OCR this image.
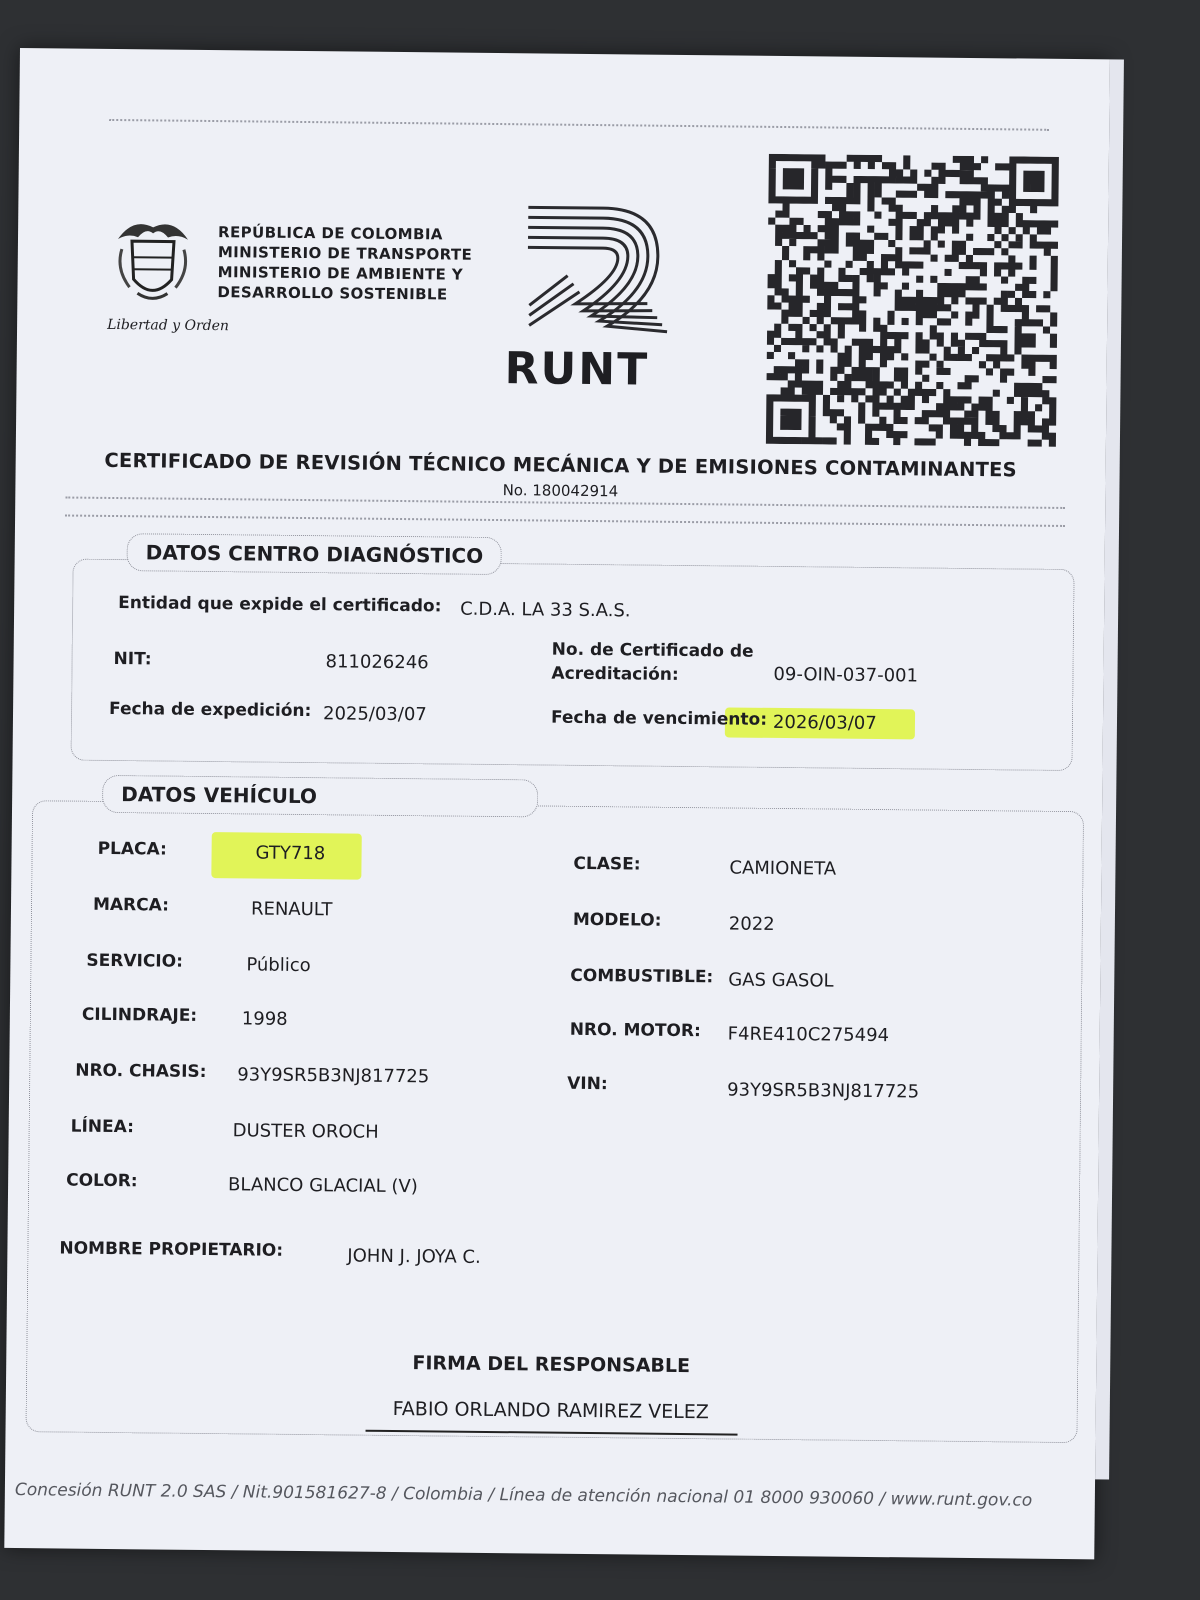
Libertad y Orden
REPÚBLICA DE COLOMBIA
MINISTERIO DE TRANSPORTE
MINISTERIO DE AMBIENTE Y
DESARROLLO SOSTENIBLE
RUNT
CERTIFICADO DE REVISIÓN TÉCNICO MECÁNICA Y DE EMISIONES CONTAMINANTES
No. 180042914
DATOS CENTRO DIAGNÓSTICO
Entidad que expide el certificado: C.D.A. LA 33 S.A.S.
NIT:	811026246
No. de Certificado de
Acreditación:	09-OIN-037-001
Fecha de expedición: 2025/03/07	Fecha de vencimiento: 2026/03/07
DATOS VEHÍCULO
PLACA:	GTY718	CLASE:	CAMIONETA
MARCA:	RENAULT	MODELO:	2022
SERVICIO:	Público
COMBUSTIBLE: GAS GASOL
CILINDRAJE: 1998
NRO. MOTOR: F4RE410C275494
NRO. CHASIS: 93Y9SR5B3NJ817725	VIN:	93Y9SR5B3NJ817725
LÍNEA:	DUSTER OROCH
COLOR:	BLANCO GLACIAL (V)
NOMBRE PROPIETARIO:	JOHN J. JOYA C.
FIRMA DEL RESPONSABLE
FABIO ORLANDO RAMIREZ VELEZ
Concesión RUNT 2.0 SAS / Nit.901581627-8 / Colombia / Línea de atención nacional 01 8000 930060 / www.runt.gov.co
